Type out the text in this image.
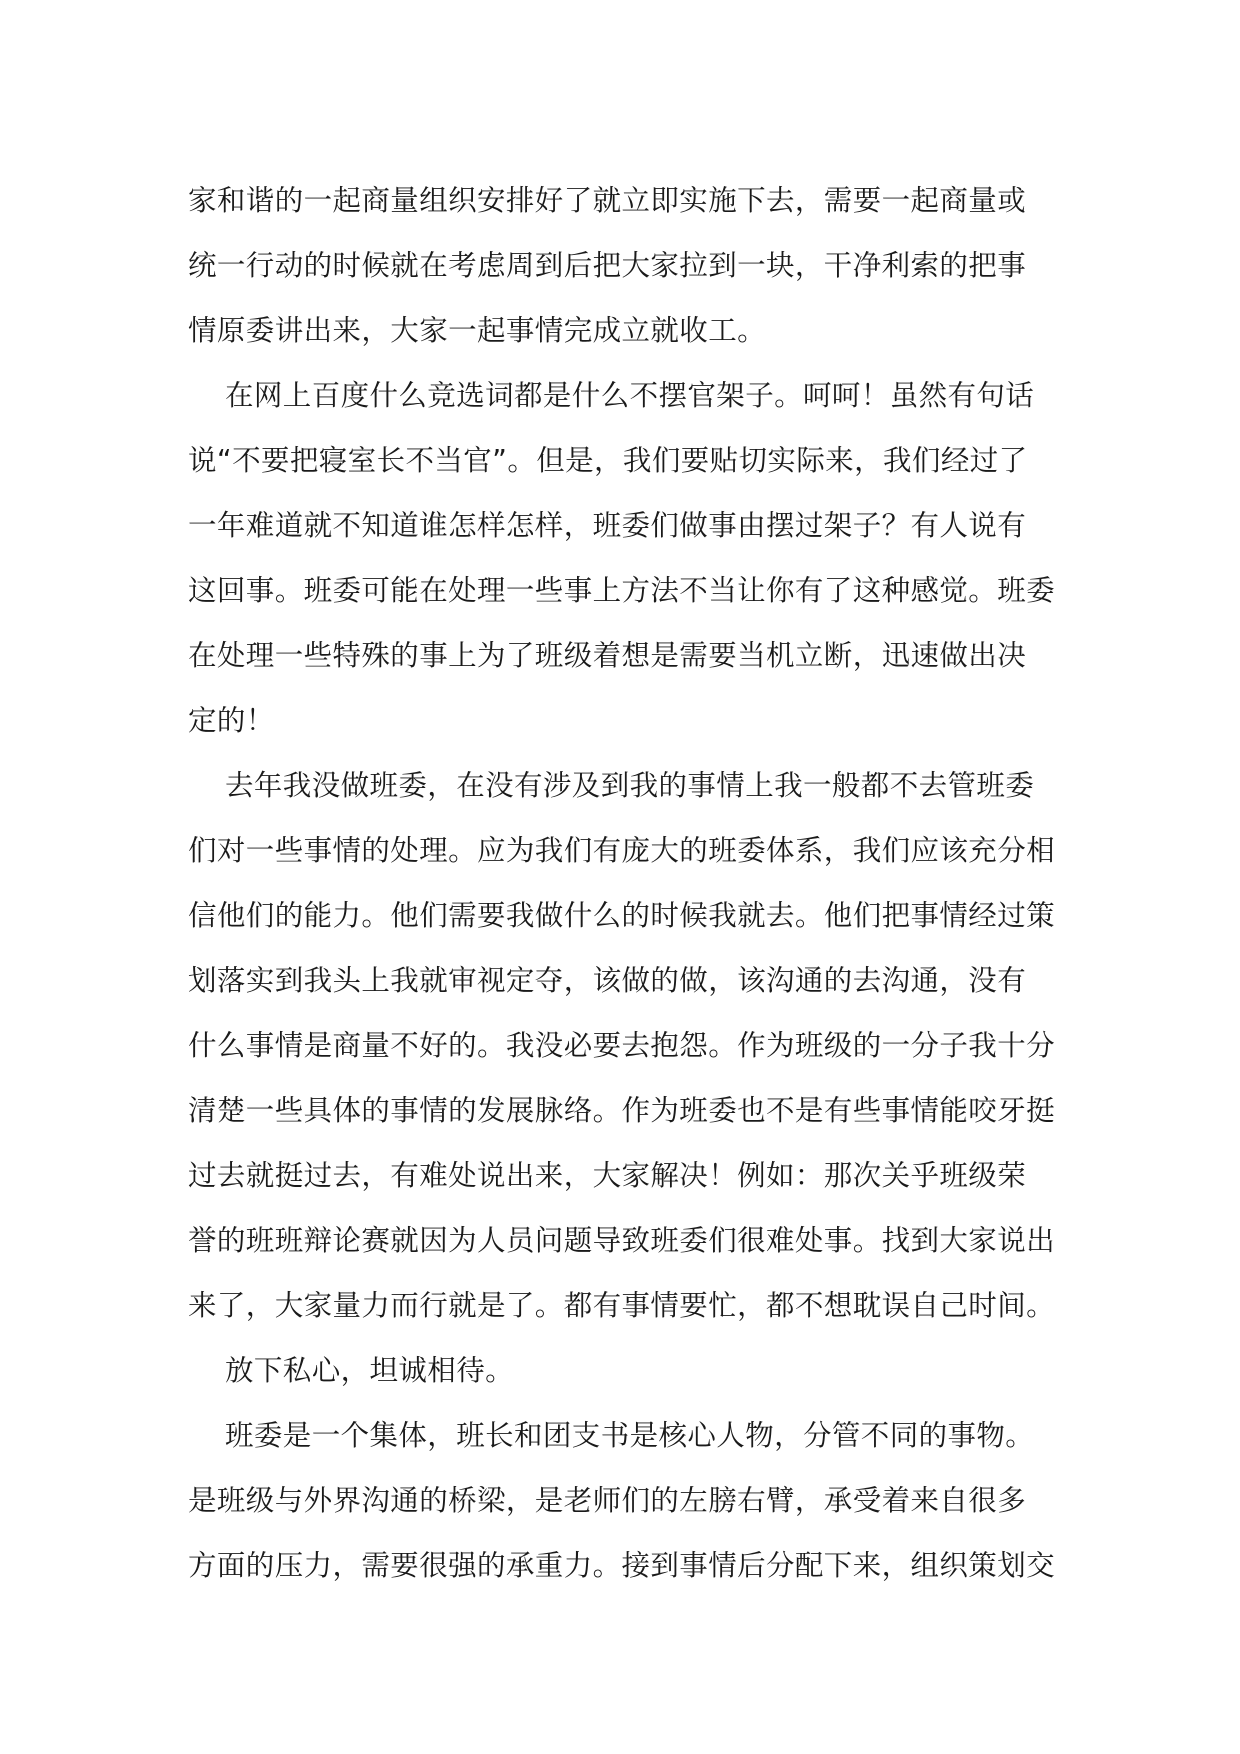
家和谐的一起商量组织安排好了就立即实施下去，需要一起商量或
统一行动的时候就在考虑周到后把大家拉到一块，干净利索的把事
情原委讲出来，大家一起事情完成立就收工。
在网上百度什么竞选词都是什么不摆官架子。呵呵！虽然有句话
说“不要把寝室长不当官”。但是，我们要贴切实际来，我们经过了
一年难道就不知道谁怎样怎样，班委们做事由摆过架子？有人说有
这回事。班委可能在处理一些事上方法不当让你有了这种感觉。班委
在处理一些特殊的事上为了班级着想是需要当机立断，迅速做出决
定的！
去年我没做班委，在没有涉及到我的事情上我一般都不去管班委
们对一些事情的处理。应为我们有庞大的班委体系，我们应该充分相
信他们的能力。他们需要我做什么的时候我就去。他们把事情经过策
划落实到我头上我就审视定夺，该做的做，该沟通的去沟通，没有
什么事情是商量不好的。我没必要去抱怨。作为班级的一分子我十分
清楚一些具体的事情的发展脉络。作为班委也不是有些事情能咬牙挺
过去就挺过去，有难处说出来，大家解决！例如：那次关乎班级荣
誉的班班辩论赛就因为人员问题导致班委们很难处事。找到大家说出
来了，大家量力而行就是了。都有事情要忙，都不想耽误自己时间。
放下私心，坦诚相待。
班委是一个集体，班长和团支书是核心人物，分管不同的事物。
是班级与外界沟通的桥梁，是老师们的左膀右臂，承受着来自很多
方面的压力，需要很强的承重力。接到事情后分配下来，组织策划交
